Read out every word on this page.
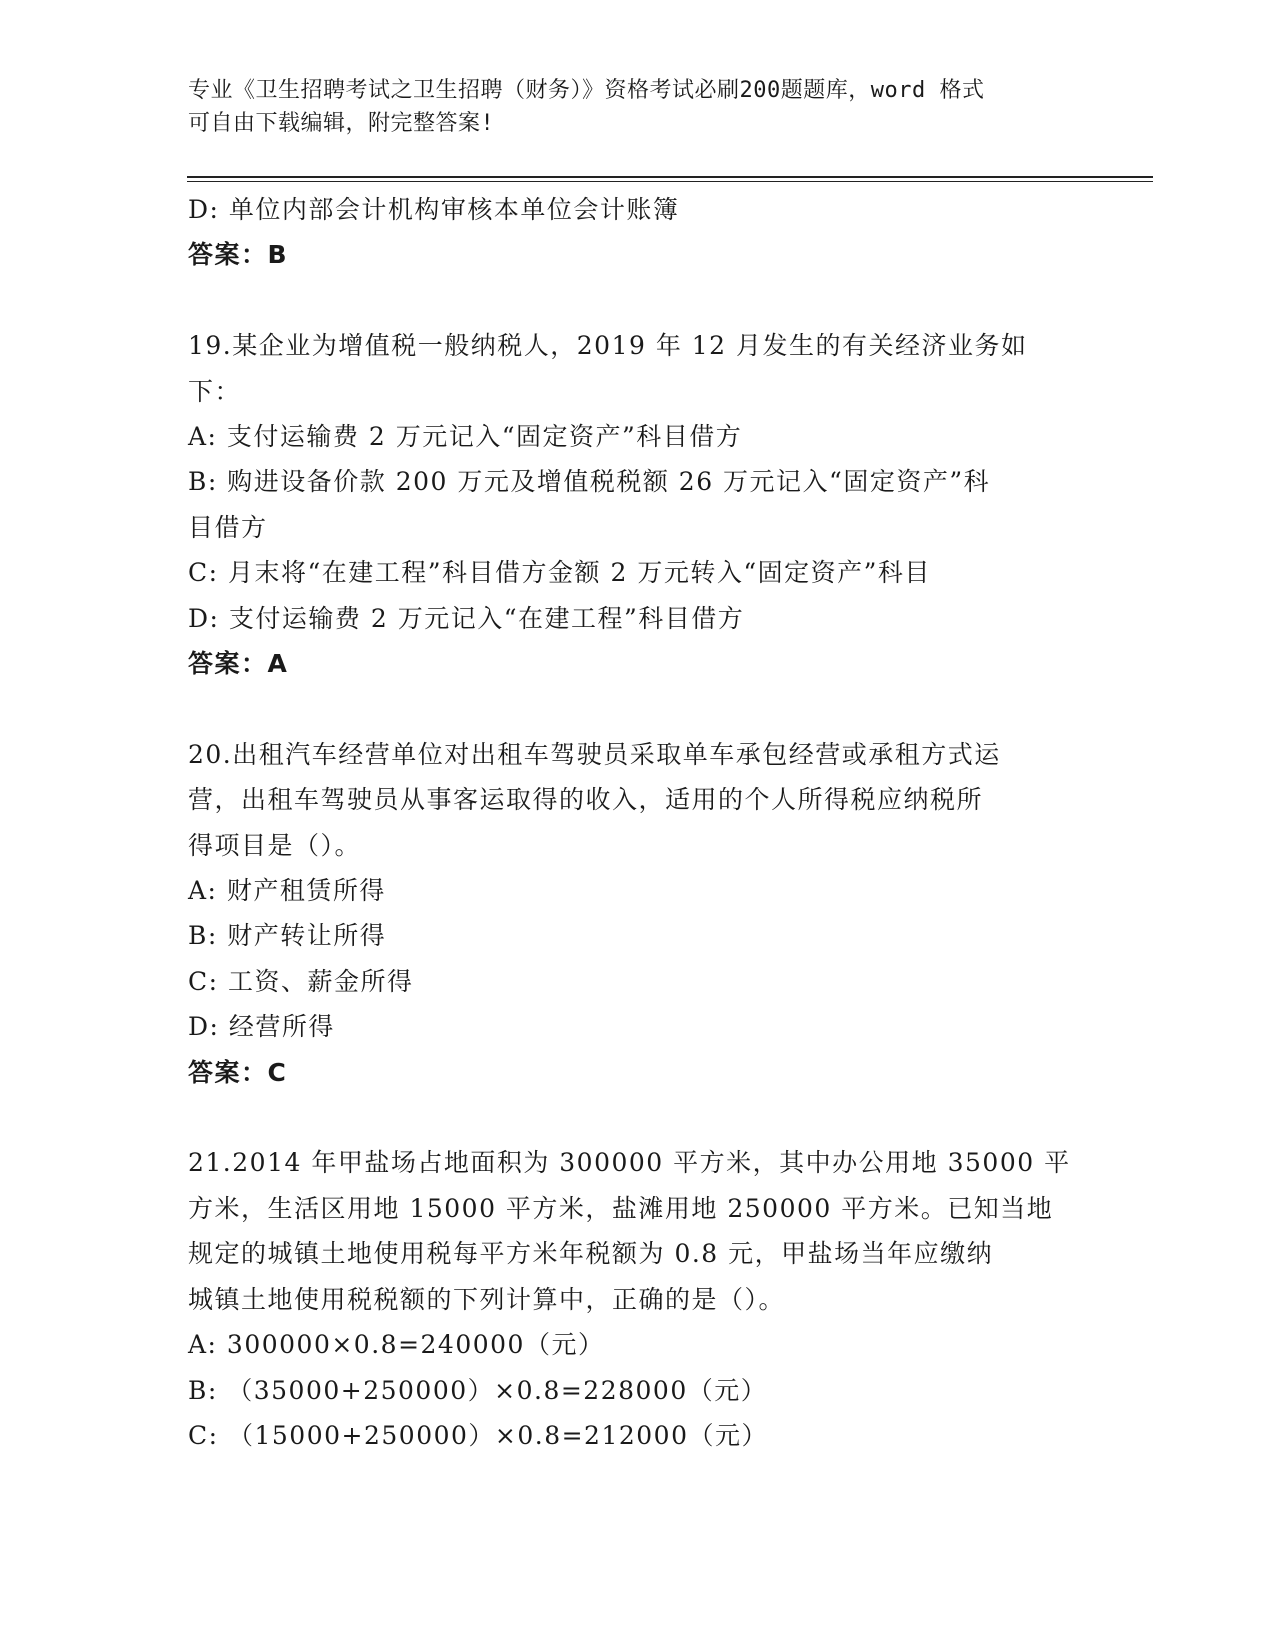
专业《卫生招聘考试之卫生招聘（财务）》资格考试必刷200题题库，word 格式
可自由下载编辑，附完整答案!
D: 单位内部会计机构审核本单位会计账簿
答案：B
19.某企业为增值税一般纳税人，2019 年 12 月发生的有关经济业务如
下：
A: 支付运输费 2 万元记入“固定资产”科目借方
B: 购进设备价款 200 万元及增值税税额 26 万元记入“固定资产”科
目借方
C: 月末将“在建工程”科目借方金额 2 万元转入“固定资产”科目
D: 支付运输费 2 万元记入“在建工程”科目借方
答案：A
20.出租汽车经营单位对出租车驾驶员采取单车承包经营或承租方式运
营，出租车驾驶员从事客运取得的收入，适用的个人所得税应纳税所
得项目是（）。
A: 财产租赁所得
B: 财产转让所得
C: 工资、薪金所得
D: 经营所得
答案：C
21.2014 年甲盐场占地面积为 300000 平方米，其中办公用地 35000 平
方米，生活区用地 15000 平方米，盐滩用地 250000 平方米。已知当地
规定的城镇土地使用税每平方米年税额为 0.8 元，甲盐场当年应缴纳
城镇土地使用税税额的下列计算中，正确的是（）。
A: 300000×0.8=240000（元）
B: （35000+250000）×0.8=228000（元）
C: （15000+250000）×0.8=212000（元）
